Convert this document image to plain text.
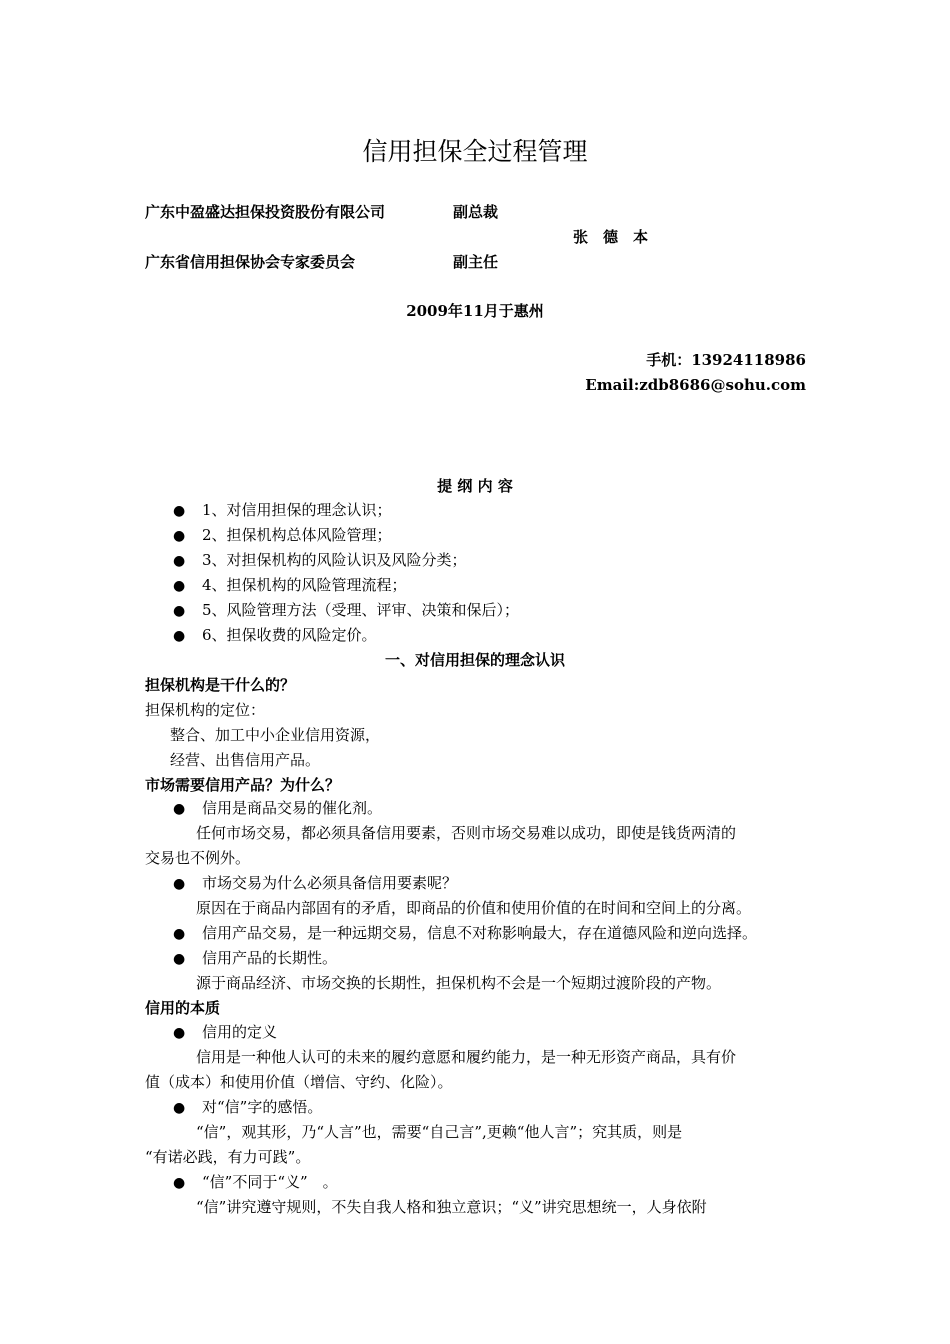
信用担保全过程管理
广东中盈盛达担保投资股份有限公司	副总裁
张　德　本
广东省信用担保协会专家委员会	副主任
2009年11月于惠州
手机：13924118986
Email:zdb8686@sohu.com
提 纲 内 容
● 1、对信用担保的理念认识；
● 2、担保机构总体风险管理；
● 3、对担保机构的风险认识及风险分类；
● 4、担保机构的风险管理流程；
● 5、风险管理方法（受理、评审、决策和保后）；
● 6、担保收费的风险定价。
一、对信用担保的理念认识
担保机构是干什么的？
担保机构的定位：
整合、加工中小企业信用资源，
经营、出售信用产品。
市场需要信用产品？为什么？
● 信用是商品交易的催化剂。
任何市场交易，都必须具备信用要素，否则市场交易难以成功，即使是钱货两清的
交易也不例外。
● 市场交易为什么必须具备信用要素呢？
原因在于商品内部固有的矛盾，即商品的价值和使用价值的在时间和空间上的分离。
● 信用产品交易，是一种远期交易，信息不对称影响最大，存在道德风险和逆向选择。
● 信用产品的长期性。
源于商品经济、市场交换的长期性，担保机构不会是一个短期过渡阶段的产物。
信用的本质
● 信用的定义
信用是一种他人认可的未来的履约意愿和履约能力，是一种无形资产商品，具有价
值（成本）和使用价值（增信、守约、化险）。
● 对“信”字的感悟。
“信”，观其形，乃“人言”也，需要“自己言”,更赖“他人言”；究其质，则是
“有诺必践，有力可践”。
● “信”不同于“义”　。
“信”讲究遵守规则，不失自我人格和独立意识；“义”讲究思想统一，人身依附
